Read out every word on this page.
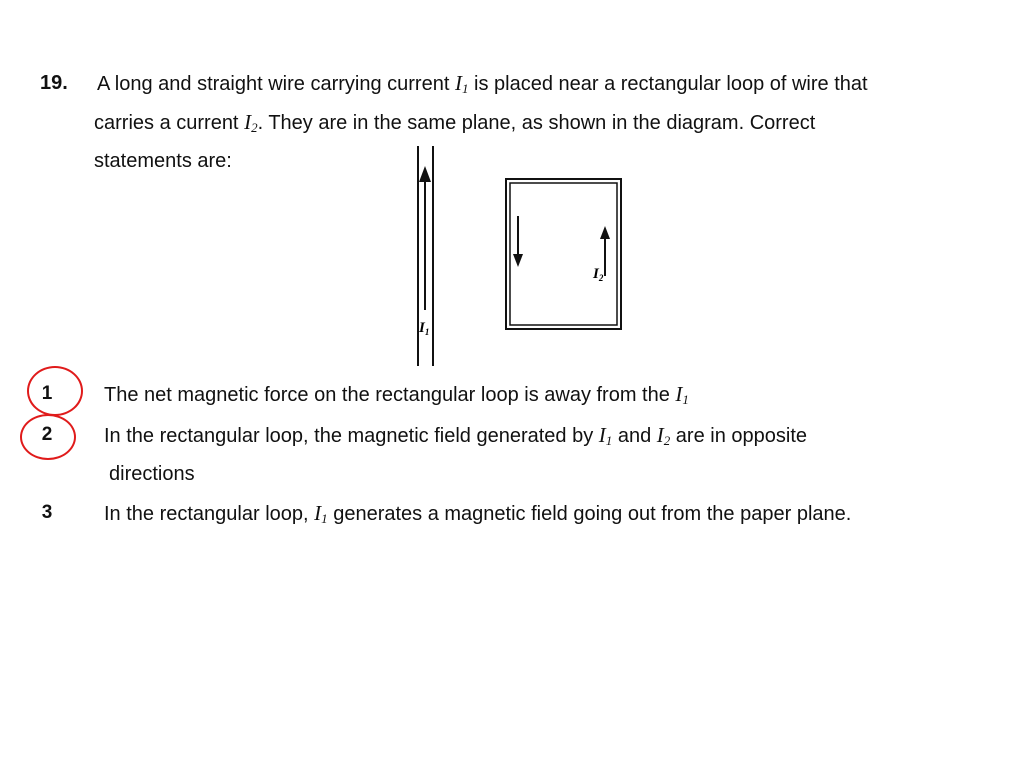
19. A long and straight wire carrying current $I_1$ is placed near a rectangular loop of wire that
carries a current $I_2$. They are in the same plane, as shown in the diagram. Correct
statements are:
$I_1$
$I_2$
1	The net magnetic force on the rectangular loop is away from the $I_1$
2	In the rectangular loop, the magnetic field generated by $I_1$ and $I_2$ are in opposite
directions
3	In the rectangular loop, $I_1$ generates a magnetic field going out from the paper plane.
